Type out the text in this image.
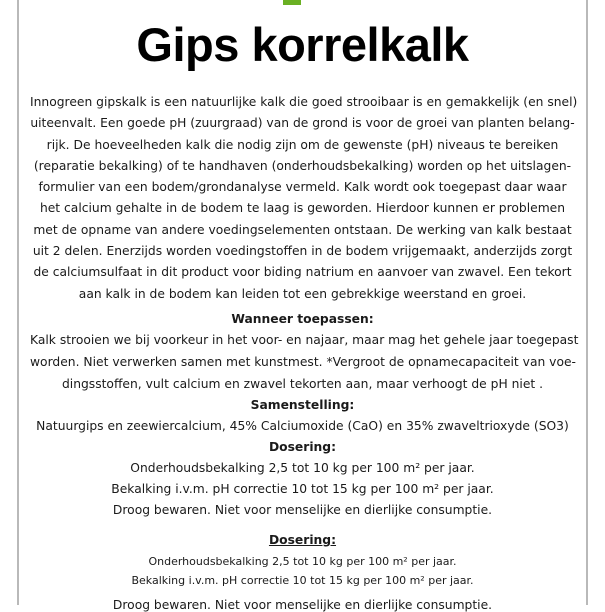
Gips korrelkalk
Innogreen gipskalk is een natuurlijke kalk die goed strooibaar is en gemakkelijk (en snel)
uiteenvalt. Een goede pH (zuurgraad) van de grond is voor de groei van planten belang-
rijk. De hoeveelheden kalk die nodig zijn om de gewenste (pH) niveaus te bereiken
(reparatie bekalking) of te handhaven (onderhoudsbekalking) worden op het uitslagen-
formulier van een bodem/grondanalyse vermeld. Kalk wordt ook toegepast daar waar
het calcium gehalte in de bodem te laag is geworden. Hierdoor kunnen er problemen
met de opname van andere voedingselementen ontstaan. De werking van kalk bestaat
uit 2 delen. Enerzijds worden voedingstoffen in de bodem vrijgemaakt, anderzijds zorgt
de calciumsulfaat in dit product voor biding natrium en aanvoer van zwavel. Een tekort
aan kalk in de bodem kan leiden tot een gebrekkige weerstand en groei.
Wanneer toepassen:
Kalk strooien we bij voorkeur in het voor- en najaar, maar mag het gehele jaar toegepast
worden. Niet verwerken samen met kunstmest. *Vergroot de opnamecapaciteit van voe-
dingsstoffen, vult calcium en zwavel tekorten aan, maar verhoogt de pH niet .
Samenstelling:
Natuurgips en zeewiercalcium, 45% Calciumoxide (CaO) en 35% zwaveltrioxyde (SO3)
Dosering:
Onderhoudsbekalking 2,5 tot 10 kg per 100 m² per jaar.
Bekalking i.v.m. pH correctie 10 tot 15 kg per 100 m² per jaar.
Droog bewaren. Niet voor menselijke en dierlijke consumptie.
Dosering:
Onderhoudsbekalking 2,5 tot 10 kg per 100 m² per jaar.
Bekalking i.v.m. pH correctie 10 tot 15 kg per 100 m² per jaar.
Droog bewaren. Niet voor menselijke en dierlijke consumptie.
